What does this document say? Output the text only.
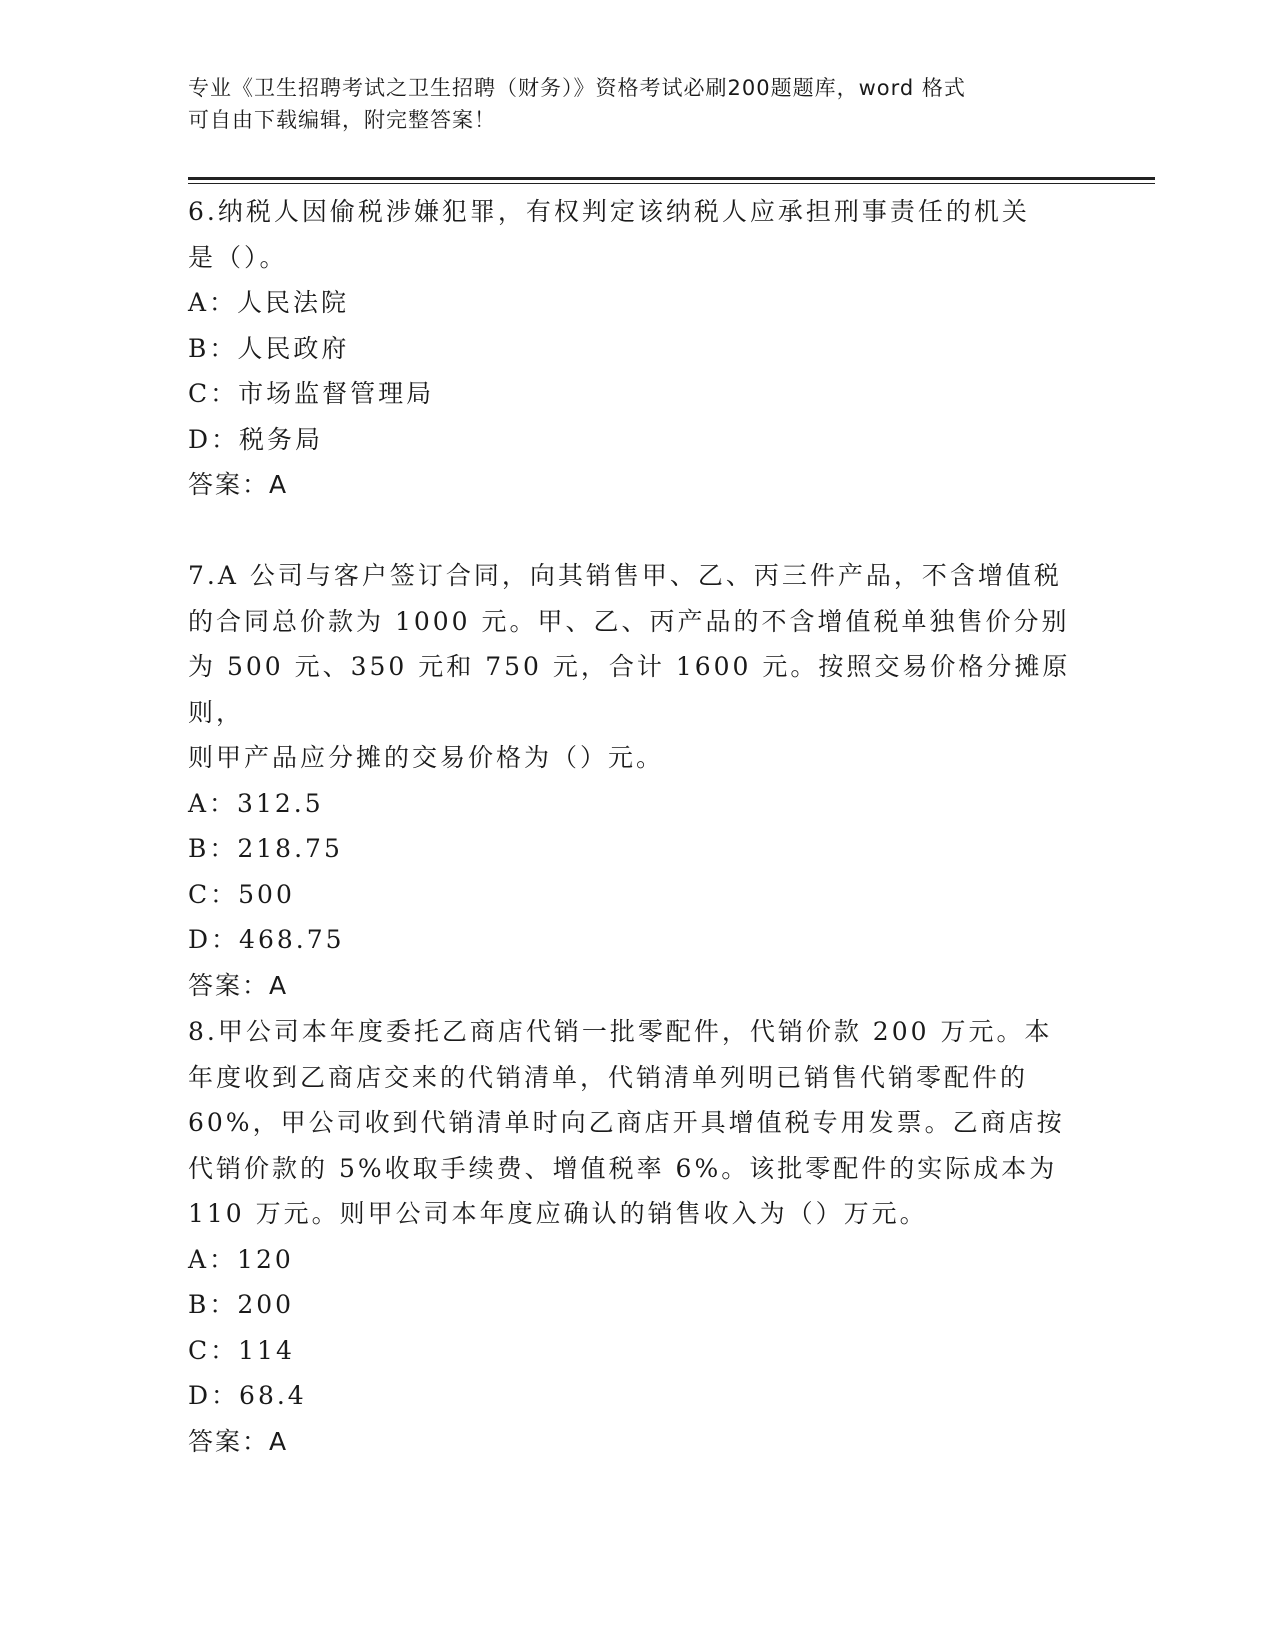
专业《卫生招聘考试之卫生招聘（财务）》资格考试必刷200题题库，word 格式
可自由下载编辑，附完整答案！
6.纳税人因偷税涉嫌犯罪，有权判定该纳税人应承担刑事责任的机关
是（）。
A：人民法院
B：人民政府
C：市场监督管理局
D：税务局
答案：A
7.A 公司与客户签订合同，向其销售甲、乙、丙三件产品，不含增值税
的合同总价款为 1000 元。甲、乙、丙产品的不含增值税单独售价分别
为 500 元、350 元和 750 元，合计 1600 元。按照交易价格分摊原则，
则甲产品应分摊的交易价格为（）元。
A：312.5
B：218.75
C：500
D：468.75
答案：A
8.甲公司本年度委托乙商店代销一批零配件，代销价款 200 万元。本
年度收到乙商店交来的代销清单，代销清单列明已销售代销零配件的
60%，甲公司收到代销清单时向乙商店开具增值税专用发票。乙商店按
代销价款的 5%收取手续费、增值税率 6%。该批零配件的实际成本为
110 万元。则甲公司本年度应确认的销售收入为（）万元。
A：120
B：200
C：114
D：68.4
答案：A
